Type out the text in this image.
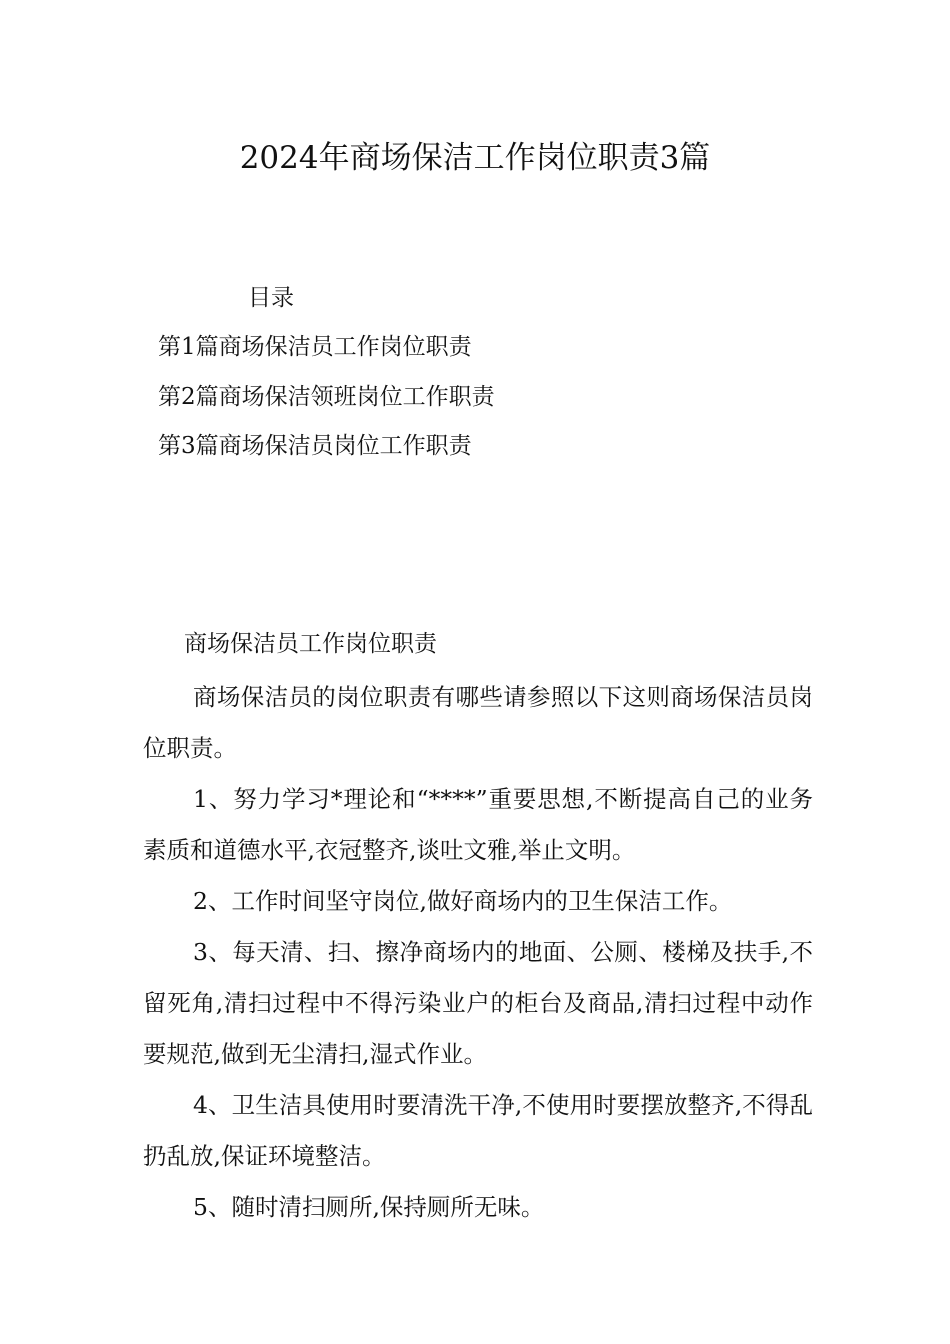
2024年商场保洁工作岗位职责3篇
目录
第1篇商场保洁员工作岗位职责
第2篇商场保洁领班岗位工作职责
第3篇商场保洁员岗位工作职责
商场保洁员工作岗位职责

商场保洁员的岗位职责有哪些请参照以下这则商场保洁员岗位职责。

1、努力学习*理论和“****”重要思想,不断提高自己的业务素质和道德水平,衣冠整齐,谈吐文雅,举止文明。

2、工作时间坚守岗位,做好商场内的卫生保洁工作。

3、每天清、扫、擦净商场内的地面、公厕、楼梯及扶手,不留死角,清扫过程中不得污染业户的柜台及商品,清扫过程中动作要规范,做到无尘清扫,湿式作业。

4、卫生洁具使用时要清洗干净,不使用时要摆放整齐,不得乱扔乱放,保证环境整洁。

5、随时清扫厕所,保持厕所无味。
